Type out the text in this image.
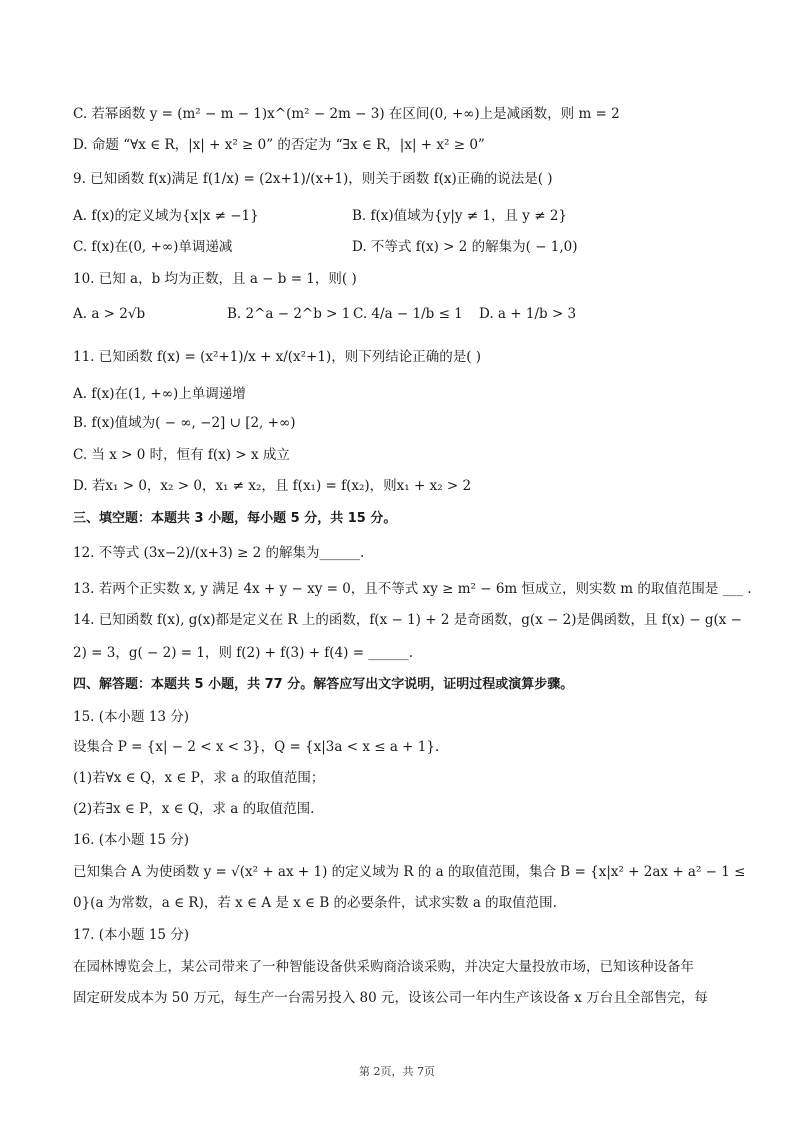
C. 若幂函数 y = (m² − m − 1)x^(m² − 2m − 3) 在区间(0, +∞)上是减函数，则 m = 2
D. 命题 “∀x ∈ R，|x| + x² ≥ 0” 的否定为 “∃x ∈ R，|x| + x² ≥ 0”
9. 已知函数 f(x)满足 f(1/x) = (2x+1)/(x+1)，则关于函数 f(x)正确的说法是( )
A. f(x)的定义域为{x|x ≠ −1}	B. f(x)值域为{y|y ≠ 1，且 y ≠ 2}
C. f(x)在(0, +∞)单调递减	D. 不等式 f(x) > 2 的解集为( − 1,0)
10. 已知 a，b 均为正数，且 a − b = 1，则( )
A. a > 2√b	B. 2^a − 2^b > 1 C. 4/a − 1/b ≤ 1 D. a + 1/b > 3
11. 已知函数 f(x) = (x²+1)/x + x/(x²+1)，则下列结论正确的是( )
A. f(x)在(1, +∞)上单调递增
B. f(x)值域为( − ∞, −2] ∪ [2, +∞)
C. 当 x > 0 时，恒有 f(x) > x 成立
D. 若x₁ > 0，x₂ > 0，x₁ ≠ x₂，且 f(x₁) = f(x₂)，则x₁ + x₂ > 2
三、填空题：本题共 3 小题，每小题 5 分，共 15 分。
12. 不等式 (3x−2)/(x+3) ≥ 2 的解集为______.
13. 若两个正实数 x, y 满足 4x + y − xy = 0，且不等式 xy ≥ m² − 6m 恒成立，则实数 m 的取值范围是 ___ .
14. 已知函数 f(x), g(x)都是定义在 R 上的函数，f(x − 1) + 2 是奇函数，g(x − 2)是偶函数，且 f(x) − g(x −
2) = 3，g( − 2) = 1，则 f(2) + f(3) + f(4) = ______.
四、解答题：本题共 5 小题，共 77 分。解答应写出文字说明，证明过程或演算步骤。
15. (本小题 13 分)
设集合 P = {x| − 2 < x < 3}，Q = {x|3a < x ≤ a + 1}.
(1)若∀x ∈ Q，x ∈ P，求 a 的取值范围；
(2)若∃x ∈ P，x ∈ Q，求 a 的取值范围.
16. (本小题 15 分)
已知集合 A 为使函数 y = √(x² + ax + 1) 的定义域为 R 的 a 的取值范围，集合 B = {x|x² + 2ax + a² − 1 ≤
0}(a 为常数，a ∈ R)，若 x ∈ A 是 x ∈ B 的必要条件，试求实数 a 的取值范围.
17. (本小题 15 分)
在园林博览会上，某公司带来了一种智能设备供采购商洽谈采购，并决定大量投放市场，已知该种设备年
固定研发成本为 50 万元，每生产一台需另投入 80 元，设该公司一年内生产该设备 x 万台且全部售完，每
第 2页，共 7页
